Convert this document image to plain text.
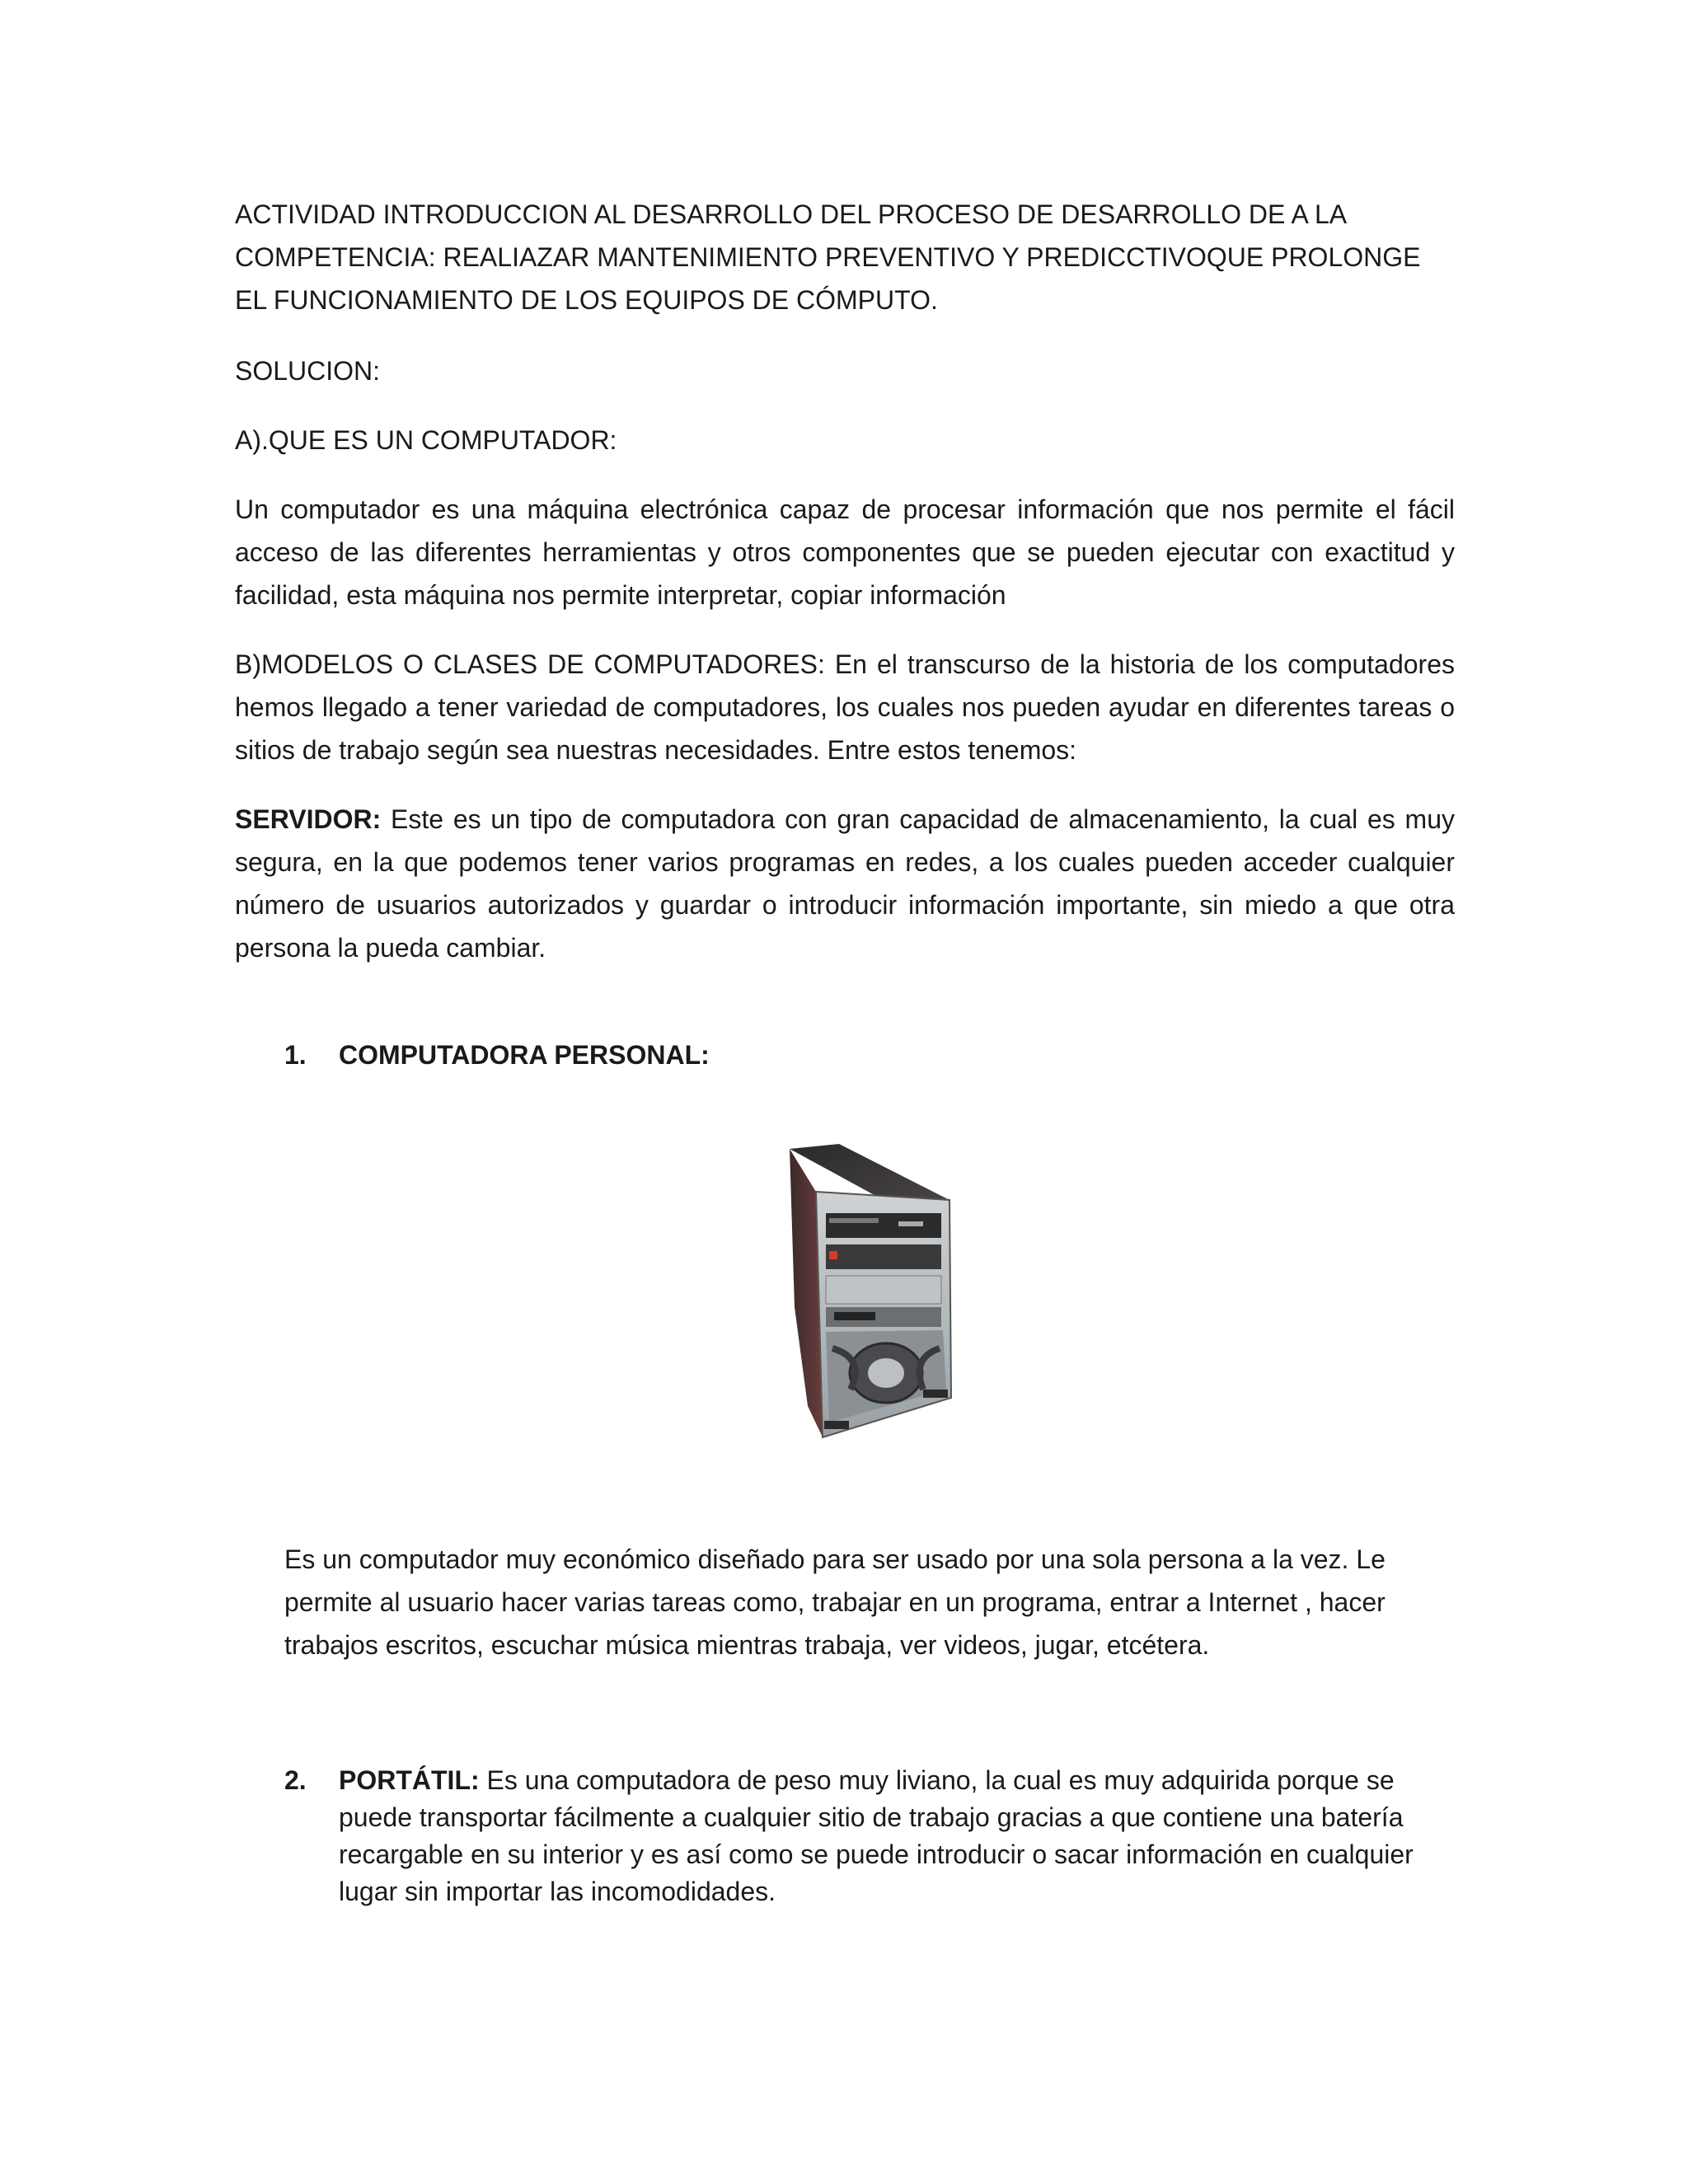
ACTIVIDAD INTRODUCCION AL DESARROLLO DEL PROCESO DE DESARROLLO DE A LA COMPETENCIA: REALIAZAR MANTENIMIENTO PREVENTIVO Y PREDICCTIVOQUE PROLONGE EL FUNCIONAMIENTO DE LOS EQUIPOS DE CÓMPUTO.

SOLUCION:

A).QUE ES UN COMPUTADOR:

Un computador es una máquina electrónica capaz de procesar información que nos permite el fácil acceso de las diferentes herramientas y otros componentes que se pueden ejecutar con exactitud y facilidad, esta máquina nos permite interpretar, copiar información

B)MODELOS O CLASES DE COMPUTADORES: En el transcurso de la historia de los computadores hemos llegado a tener variedad de computadores, los cuales nos pueden ayudar en diferentes tareas o sitios de trabajo según sea nuestras necesidades. Entre estos tenemos:

SERVIDOR: Este es un tipo de computadora con gran capacidad de almacenamiento, la cual es muy segura, en la que podemos tener varios programas en redes, a los cuales pueden acceder cualquier número de usuarios autorizados y guardar o introducir información importante, sin miedo a que otra persona la pueda cambiar.

1. COMPUTADORA PERSONAL:

Es un computador muy económico diseñado para ser usado por una sola persona a la vez. Le permite al usuario hacer varias tareas como, trabajar en un programa, entrar a Internet , hacer trabajos escritos, escuchar música mientras trabaja, ver videos, jugar, etcétera.

2. PORTÁTIL: Es una computadora de peso muy liviano, la cual es muy adquirida porque se puede transportar fácilmente a cualquier sitio de trabajo gracias a que contiene una batería recargable en su interior y es así como se puede introducir o sacar información en cualquier lugar sin importar las incomodidades.
